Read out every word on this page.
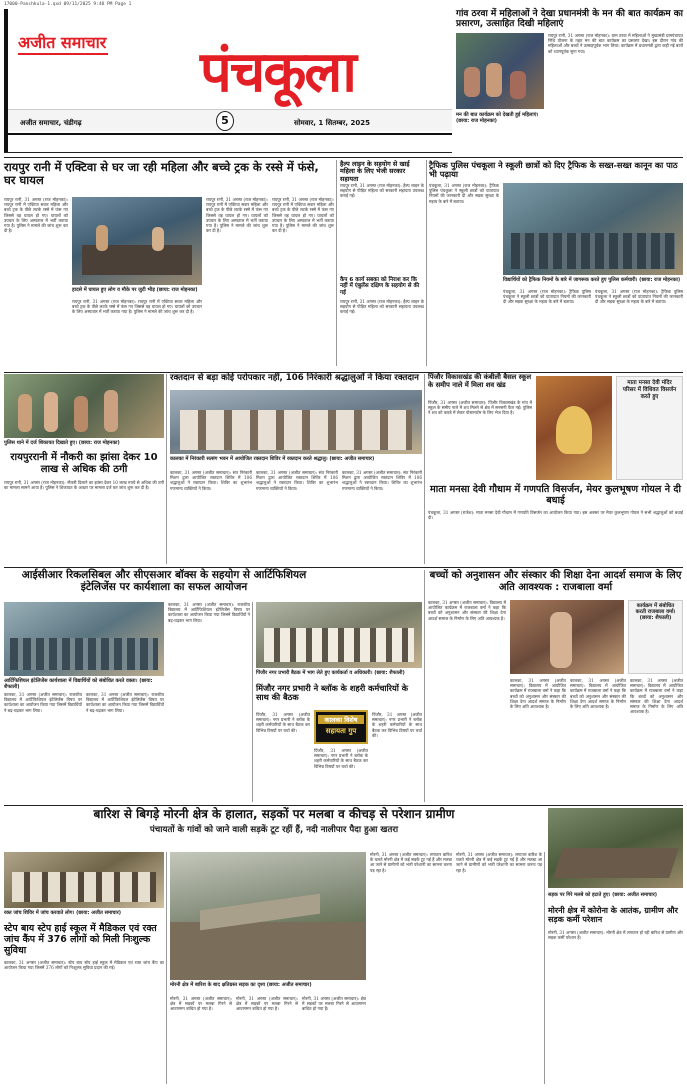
17000-Panchkula-1.qxd 09/11/2025 9:48 PM Page 1
अजीत समाचार पंचकूला
5
अजीत समाचार, चंडीगढ़	सोमवार, 1 सितम्बर, 2025
गांव ठरवा में महिलाओं ने देखा प्रधानमंत्री के मन की बात कार्यक्रम का प्रसारण, उत्साहित दिखी महिलाएं
मन की बात कार्यक्रम को देखती हुई महिलाएं। (छाया: राज मोहनका)
रायपुर रानी, 31 अगस्त (राज मोहनका): ग्राम ठरवा में महिलाओं ने मुख्यमंत्री ग्रामपंचायत निधि योजना के तहत मन की बात कार्यक्रम का प्रसारण देखा। इस दौरान गांव की महिलाओं और बच्चों ने उत्साहपूर्वक भाग लिया। कार्यक्रम में प्रधानमंत्री द्वारा कही गई बातों को ध्यानपूर्वक सुना गया।
रायपुर रानी में एक्टिवा से घर जा रही महिला और बच्चे ट्रक के रस्से में फंसे, घर घायल
रायपुर रानी, 31 अगस्त (राज मोहनका): रायपुर रानी में एक्टिवा सवार महिला और बच्चे ट्रक के पीछे लटके रस्से में फंस गए जिससे वह घायल हो गए। घायलों को उपचार के लिए अस्पताल में भर्ती कराया गया है। पुलिस ने मामले की जांच शुरू कर दी है।
हादसे में घायल हुए लोग व मौके पर जुटी भीड़ (छाया: राज मोहनका)
रायपुर रानी, 31 अगस्त (राज मोहनका): रायपुर रानी में एक्टिवा सवार महिला और बच्चे ट्रक के पीछे लटके रस्से में फंस गए जिससे वह घायल हो गए। घायलों को उपचार के लिए अस्पताल में भर्ती कराया गया है। पुलिस ने मामले की जांच शुरू कर दी है।
रायपुर रानी, 31 अगस्त (राज मोहनका): रायपुर रानी में एक्टिवा सवार महिला और बच्चे ट्रक के पीछे लटके रस्से में फंस गए जिससे वह घायल हो गए। घायलों को उपचार के लिए अस्पताल में भर्ती कराया गया है। पुलिस ने मामले की जांच शुरू कर दी है।
रायपुर रानी, 31 अगस्त (राज मोहनका): रायपुर रानी में एक्टिवा सवार महिला और बच्चे ट्रक के पीछे लटके रस्से में फंस गए जिससे वह घायल हो गए। घायलों को उपचार के लिए अस्पताल में भर्ती कराया गया है। पुलिस ने मामले की जांच शुरू कर दी है।
हैल्प लाइन के सहयोग से खाई महिला के लिए भेजी सरकार सहायता
रायपुर रानी, 31 अगस्त (राज मोहनका): हैल्प लाइन के सहयोग से पीड़ित महिला को सरकारी सहायता उपलब्ध कराई गई।
कैप 6 कार्य सबका को निराश कर कि नहीं में एंबुलेंस दक्षिण के सहयोग से की गई
रायपुर रानी, 31 अगस्त (राज मोहनका): हैल्प लाइन के सहयोग से पीड़ित महिला को सरकारी सहायता उपलब्ध कराई गई।
ट्रैफिक पुलिस पंचकूला ने स्कूली छात्रों को दिए ट्रैफिक के सख्त-सख्त कानून का पाठ भी पढ़ाया
पंचकूला, 31 अगस्त (राज मोहनका): ट्रैफिक पुलिस पंचकूला ने स्कूली छात्रों को यातायात नियमों की जानकारी दी और सड़क सुरक्षा के महत्व के बारे में बताया।
विद्यार्थियों को ट्रैफिक नियमों के बारे में जागरूक करते हुए पुलिस कर्मचारी। (छाया: राज मोहनका)
पंचकूला, 31 अगस्त (राज मोहनका): ट्रैफिक पुलिस पंचकूला ने स्कूली छात्रों को यातायात नियमों की जानकारी दी और सड़क सुरक्षा के महत्व के बारे में बताया।
पंचकूला, 31 अगस्त (राज मोहनका): ट्रैफिक पुलिस पंचकूला ने स्कूली छात्रों को यातायात नियमों की जानकारी दी और सड़क सुरक्षा के महत्व के बारे में बताया।
पुलिस थाने में दर्ज शिकायत दिखाते हुए। (छाया: राज मोहनका)
रायपुररानी में नौकरी का झांसा देकर 10 लाख से अधिक की ठगी
रायपुर रानी, 31 अगस्त (राज मोहनका): नौकरी दिलाने का झांसा देकर 10 लाख रुपये से अधिक की ठगी का मामला सामने आया है। पुलिस ने शिकायत के आधार पर मामला दर्ज कर जांच शुरू कर दी है।
रक्तदान से बड़ा कोई परोपकार नहीं, 106 निरंकारी श्रद्धालुओं ने किया रक्तदान
कालका में निरंकारी सत्संग भवन में आयोजित रक्तदान शिविर में रक्तदान करते श्रद्धालु। (छाया: अजीत समाचार)
कालका, 31 अगस्त (अजीत समाचार): संत निरंकारी मिशन द्वारा आयोजित रक्तदान शिविर में 106 श्रद्धालुओं ने रक्तदान किया। शिविर का शुभारंभ गणमान्य व्यक्तियों ने किया।
कालका, 31 अगस्त (अजीत समाचार): संत निरंकारी मिशन द्वारा आयोजित रक्तदान शिविर में 106 श्रद्धालुओं ने रक्तदान किया। शिविर का शुभारंभ गणमान्य व्यक्तियों ने किया।
कालका, 31 अगस्त (अजीत समाचार): संत निरंकारी मिशन द्वारा आयोजित रक्तदान शिविर में 106 श्रद्धालुओं ने रक्तदान किया। शिविर का शुभारंभ गणमान्य व्यक्तियों ने किया।
पिंजौर विकासखंड की कंबीली बैसल स्कूल के समीप नाले में मिला शव खंड
पिंजौर, 31 अगस्त (अजीत समाचार): पिंजौर विकासखंड के गांव में स्कूल के समीप नाले में शव मिलने से क्षेत्र में सनसनी फैल गई। पुलिस ने शव को कब्जे में लेकर पोस्टमार्टम के लिए भेज दिया है।
माता मनसा देवी मंदिर परिसर में विधिवत विसर्जन करते हुए
माता मनसा देवी गौधाम में गणपति विसर्जन, मेयर कुलभूषण गोयल ने दी बधाई
पंचकूला, 31 अगस्त (राजेश): माता मनसा देवी गौधाम में गणपति विसर्जन का आयोजन किया गया। इस अवसर पर मेयर कुलभूषण गोयल ने सभी श्रद्धालुओं को बधाई दी।
आईसीआर रिकलसिबल और सीएसआर बॉक्स के सहयोग से आर्टिफिशियल इंटेलिजेंस पर कार्यशाला का सफल आयोजन
आर्टिफिशियल इंटेलिजेंस कार्यशाला में विद्यार्थियों को संबोधित करते वक्ता। (छाया: शैफाली)
कालका, 31 अगस्त (अजीत समाचार): राजकीय विद्यालय में आर्टिफिशियल इंटेलिजेंस विषय पर कार्यशाला का आयोजन किया गया जिसमें विद्यार्थियों ने बढ़-चढ़कर भाग लिया।
कालका, 31 अगस्त (अजीत समाचार): राजकीय विद्यालय में आर्टिफिशियल इंटेलिजेंस विषय पर कार्यशाला का आयोजन किया गया जिसमें विद्यार्थियों ने बढ़-चढ़कर भाग लिया।
कालका, 31 अगस्त (अजीत समाचार): राजकीय विद्यालय में आर्टिफिशियल इंटेलिजेंस विषय पर कार्यशाला का आयोजन किया गया जिसमें विद्यार्थियों ने बढ़-चढ़कर भाग लिया।
पिंजौर नगर प्रभारी बैठक में भाग लेते हुए कार्यकर्ता व अधिकारी। (छाया: शैफाली)
मिंजौर नगर प्रभारी ने ब्लॉक के शहरी कर्मचारियों के साथ की बैठक
पिंजौर, 31 अगस्त (अजीत समाचार): नगर प्रभारी ने ब्लॉक के शहरी कर्मचारियों के साथ बैठक कर विभिन्न विषयों पर चर्चा की।
कालका विशेष
सहायता गुप
पिंजौर, 31 अगस्त (अजीत समाचार): नगर प्रभारी ने ब्लॉक के शहरी कर्मचारियों के साथ बैठक कर विभिन्न विषयों पर चर्चा की।
पिंजौर, 31 अगस्त (अजीत समाचार): नगर प्रभारी ने ब्लॉक के शहरी कर्मचारियों के साथ बैठक कर विभिन्न विषयों पर चर्चा की।
बच्चों को अनुशासन और संस्कार की शिक्षा देना आदर्श समाज के लिए अति आवश्यक : राजबाला वर्मा
कालका, 31 अगस्त (अजीत समाचार): विद्यालय में आयोजित कार्यक्रम में राजबाला वर्मा ने कहा कि बच्चों को अनुशासन और संस्कार की शिक्षा देना आदर्श समाज के निर्माण के लिए अति आवश्यक है।
कार्यक्रम में संबोधित करती राजबाला वर्मा। (छाया: शैफाली)
कालका, 31 अगस्त (अजीत समाचार): विद्यालय में आयोजित कार्यक्रम में राजबाला वर्मा ने कहा कि बच्चों को अनुशासन और संस्कार की शिक्षा देना आदर्श समाज के निर्माण के लिए अति आवश्यक है।
कालका, 31 अगस्त (अजीत समाचार): विद्यालय में आयोजित कार्यक्रम में राजबाला वर्मा ने कहा कि बच्चों को अनुशासन और संस्कार की शिक्षा देना आदर्श समाज के निर्माण के लिए अति आवश्यक है।
कालका, 31 अगस्त (अजीत समाचार): विद्यालय में आयोजित कार्यक्रम में राजबाला वर्मा ने कहा कि बच्चों को अनुशासन और संस्कार की शिक्षा देना आदर्श समाज के निर्माण के लिए अति आवश्यक है।
बारिश से बिगड़े मोरनी क्षेत्र के हालात, सड़कों पर मलबा व कीचड़ से परेशान ग्रामीण
पंचायतों के गांवों को जाने वाली सड़कें टूट रहीं हैं, नदी नालीपार पैदा हुआ खतरा
रक्त जांच शिविर में जांच करवाते लोग। (छाया: अजीत समाचार)
स्टेप बाय स्टेप हाई स्कूल में मैडिकल एवं रक्त जांच कैंप में 376 लोगों को मिली निःशुल्क सुविधा
कालका, 31 अगस्त (अजीत समाचार): स्टेप बाय स्टेप हाई स्कूल में मेडिकल एवं रक्त जांच कैंप का आयोजन किया गया जिसमें 376 लोगों को निःशुल्क सुविधा प्रदान की गई।
मोरनी क्षेत्र में बारिश के बाद क्षतिग्रस्त सड़क का दृश्य (छाया: अजीत समाचार)
मोरनी, 31 अगस्त (अजीत समाचार): क्षेत्र में सड़कों पर मलबा गिरने से आवागमन बाधित हो गया है।
मोरनी, 31 अगस्त (अजीत समाचार): क्षेत्र में सड़कों पर मलबा गिरने से आवागमन बाधित हो गया है।
मोरनी, 31 अगस्त (अजीत समाचार): क्षेत्र में सड़कों पर मलबा गिरने से आवागमन बाधित हो गया है।
मोरनी, 31 अगस्त (अजीत समाचार): लगातार बारिश के चलते मोरनी क्षेत्र में कई सड़कें टूट गई हैं और मलबा आ जाने से ग्रामीणों को भारी परेशानी का सामना करना पड़ रहा है।
मोरनी, 31 अगस्त (अजीत समाचार): लगातार बारिश के चलते मोरनी क्षेत्र में कई सड़कें टूट गई हैं और मलबा आ जाने से ग्रामीणों को भारी परेशानी का सामना करना पड़ रहा है।
सड़क पर गिरे मलबे को हटाते हुए। (छाया: अजीत समाचार)
मोरनी क्षेत्र में कोरोना के आतंक, ग्रामीण और सड़क कर्मी परेशान
मोरनी, 31 अगस्त (अजीत समाचार): मोरनी क्षेत्र में लगातार हो रही बारिश से ग्रामीण और सड़क कर्मी परेशान हैं।
